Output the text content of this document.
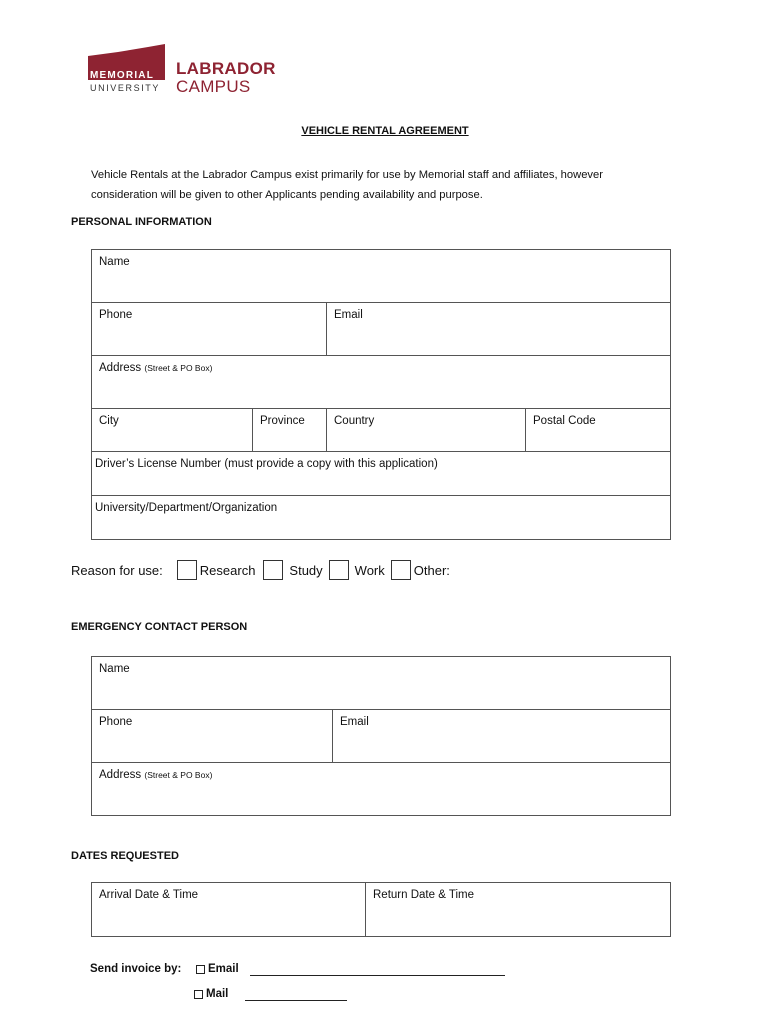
MEMORIAL
UNIVERSITY
LABRADOR
CAMPUS
VEHICLE RENTAL AGREEMENT
Vehicle Rentals at the Labrador Campus exist primarily for use by Memorial staff and affiliates, however
consideration will be given to other Applicants pending availability and purpose.
PERSONAL INFORMATION
Name			
Phone		Email	
Address (Street & PO Box)			
City	Province	Country	Postal Code
Driver’s License Number (must provide a copy with this application)			
University/Department/Organization			
Reason for use:	Research	Study Work Other:
EMERGENCY CONTACT PERSON
Name
Phone	Email
Address (Street & PO Box)
DATES REQUESTED
Arrival Date & Time	Return Date & Time
Send invoice by: Email
Mail
